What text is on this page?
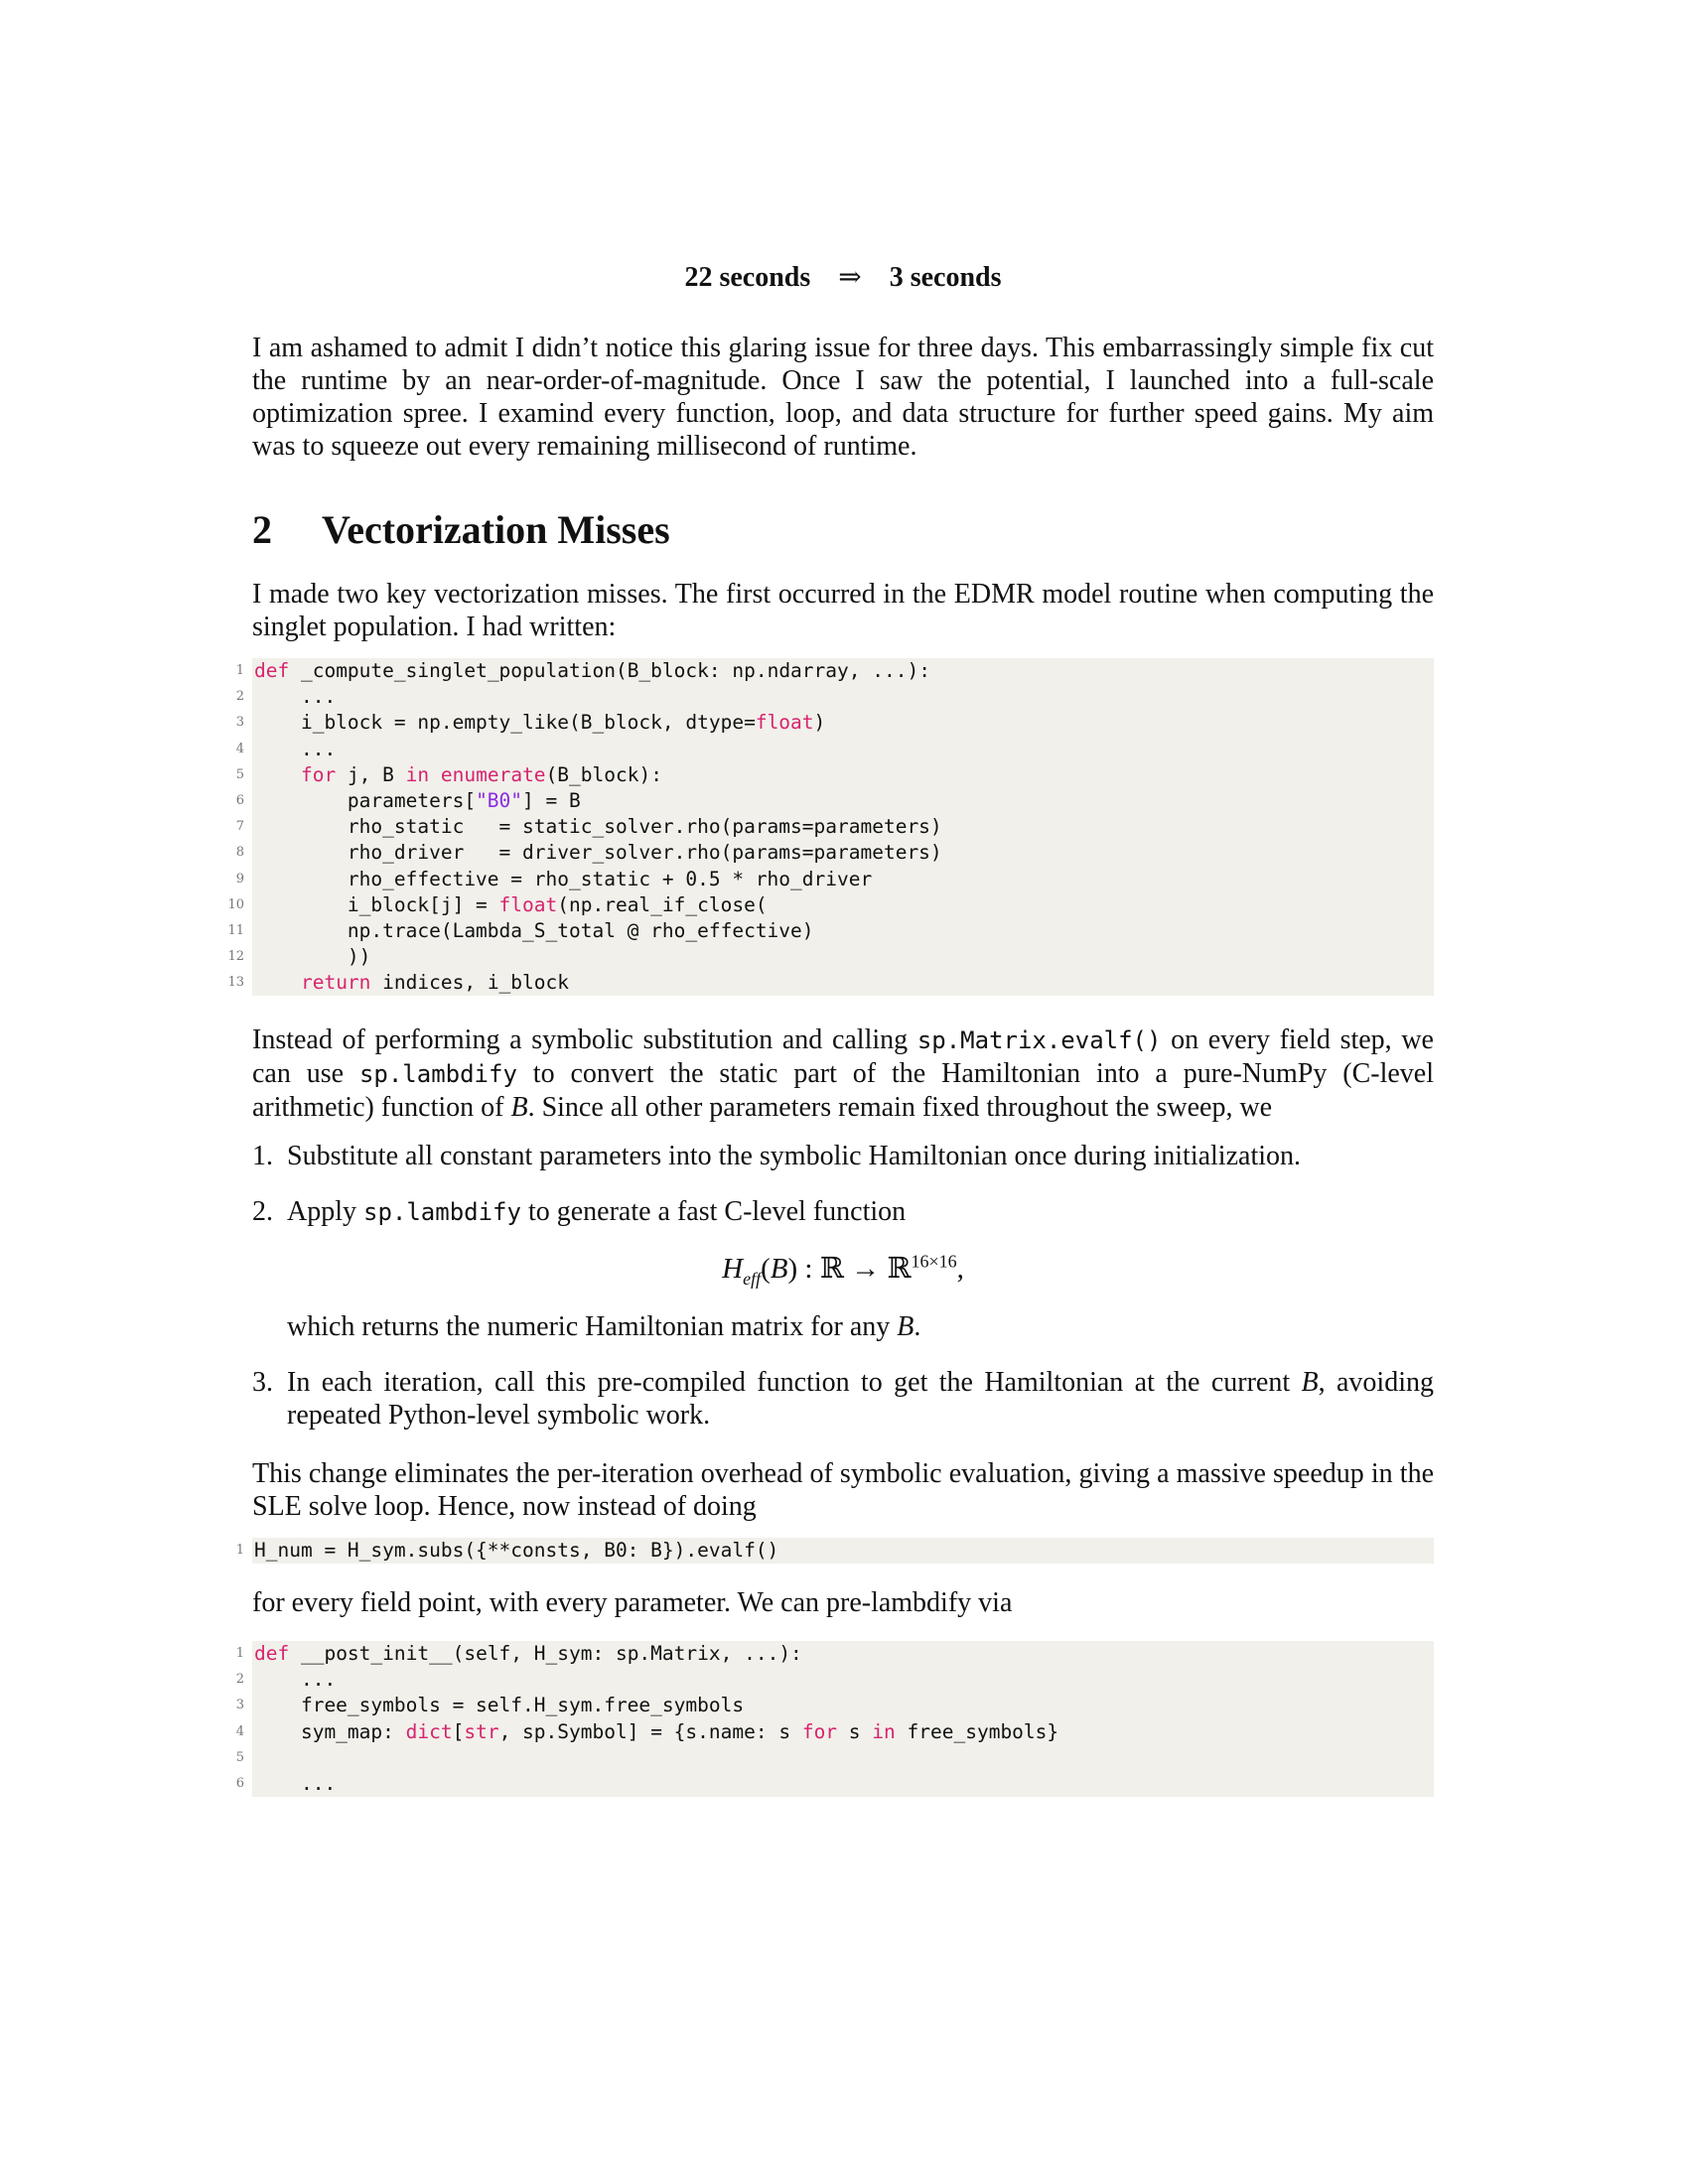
22 seconds ⇒ 3 seconds

I am ashamed to admit I didn’t notice this glaring issue for three days. This embarrassingly simple fix cut the runtime by an near-order-of-magnitude. Once I saw the potential, I launched into a full-scale optimization spree. I examind every function, loop, and data structure for further speed gains. My aim was to squeeze out every remaining millisecond of runtime.

2 Vectorization Misses

I made two key vectorization misses. The first occurred in the EDMR model routine when computing the singlet population. I had written:

1 def _compute_singlet_population(B_block: np.ndarray, ...):
2 ...
3 i_block = np.empty_like(B_block, dtype=float)
4 ...
5	for j, B in enumerate(B_block):
6 parameters["B0"] = B
7 rho_static   = static_solver.rho(params=parameters)
8 rho_driver   = driver_solver.rho(params=parameters)
9 rho_effective = rho_static + 0.5 * rho_driver
10 i_block[j] = float(np.real_if_close(
11 np.trace(Lambda_S_total @ rho_effective)
12 ))
13	return indices, i_block

Instead of performing a symbolic substitution and calling sp.Matrix.evalf() on every field step, we can use sp.lambdify to convert the static part of the Hamiltonian into a pure-NumPy (C-level arithmetic) function of B. Since all other parameters remain fixed throughout the sweep, we

1. Substitute all constant parameters into the symbolic Hamiltonian once during initialization.
2. Apply sp.lambdify to generate a fast C-level function
which returns the numeric Hamiltonian matrix for any B.
3. In each iteration, call this pre-compiled function to get the Hamiltonian at the current B, avoiding repeated Python-level symbolic work.
$H_{eff}(B)$ : ℝ → ℝ$^{16\times 16}$,

This change eliminates the per-iteration overhead of symbolic evaluation, giving a massive speedup in the SLE solve loop. Hence, now instead of doing

1 H_num = H_sym.subs({**consts, B0: B}).evalf()

for every field point, with every parameter. We can pre-lambdify via

1 def __post_init__(self, H_sym: sp.Matrix, ...):
2 ...
3 free_symbols = self.H_sym.free_symbols
4 sym_map: dict[str, sp.Symbol] = {s.name: s for s in free_symbols}
5
6 ...
